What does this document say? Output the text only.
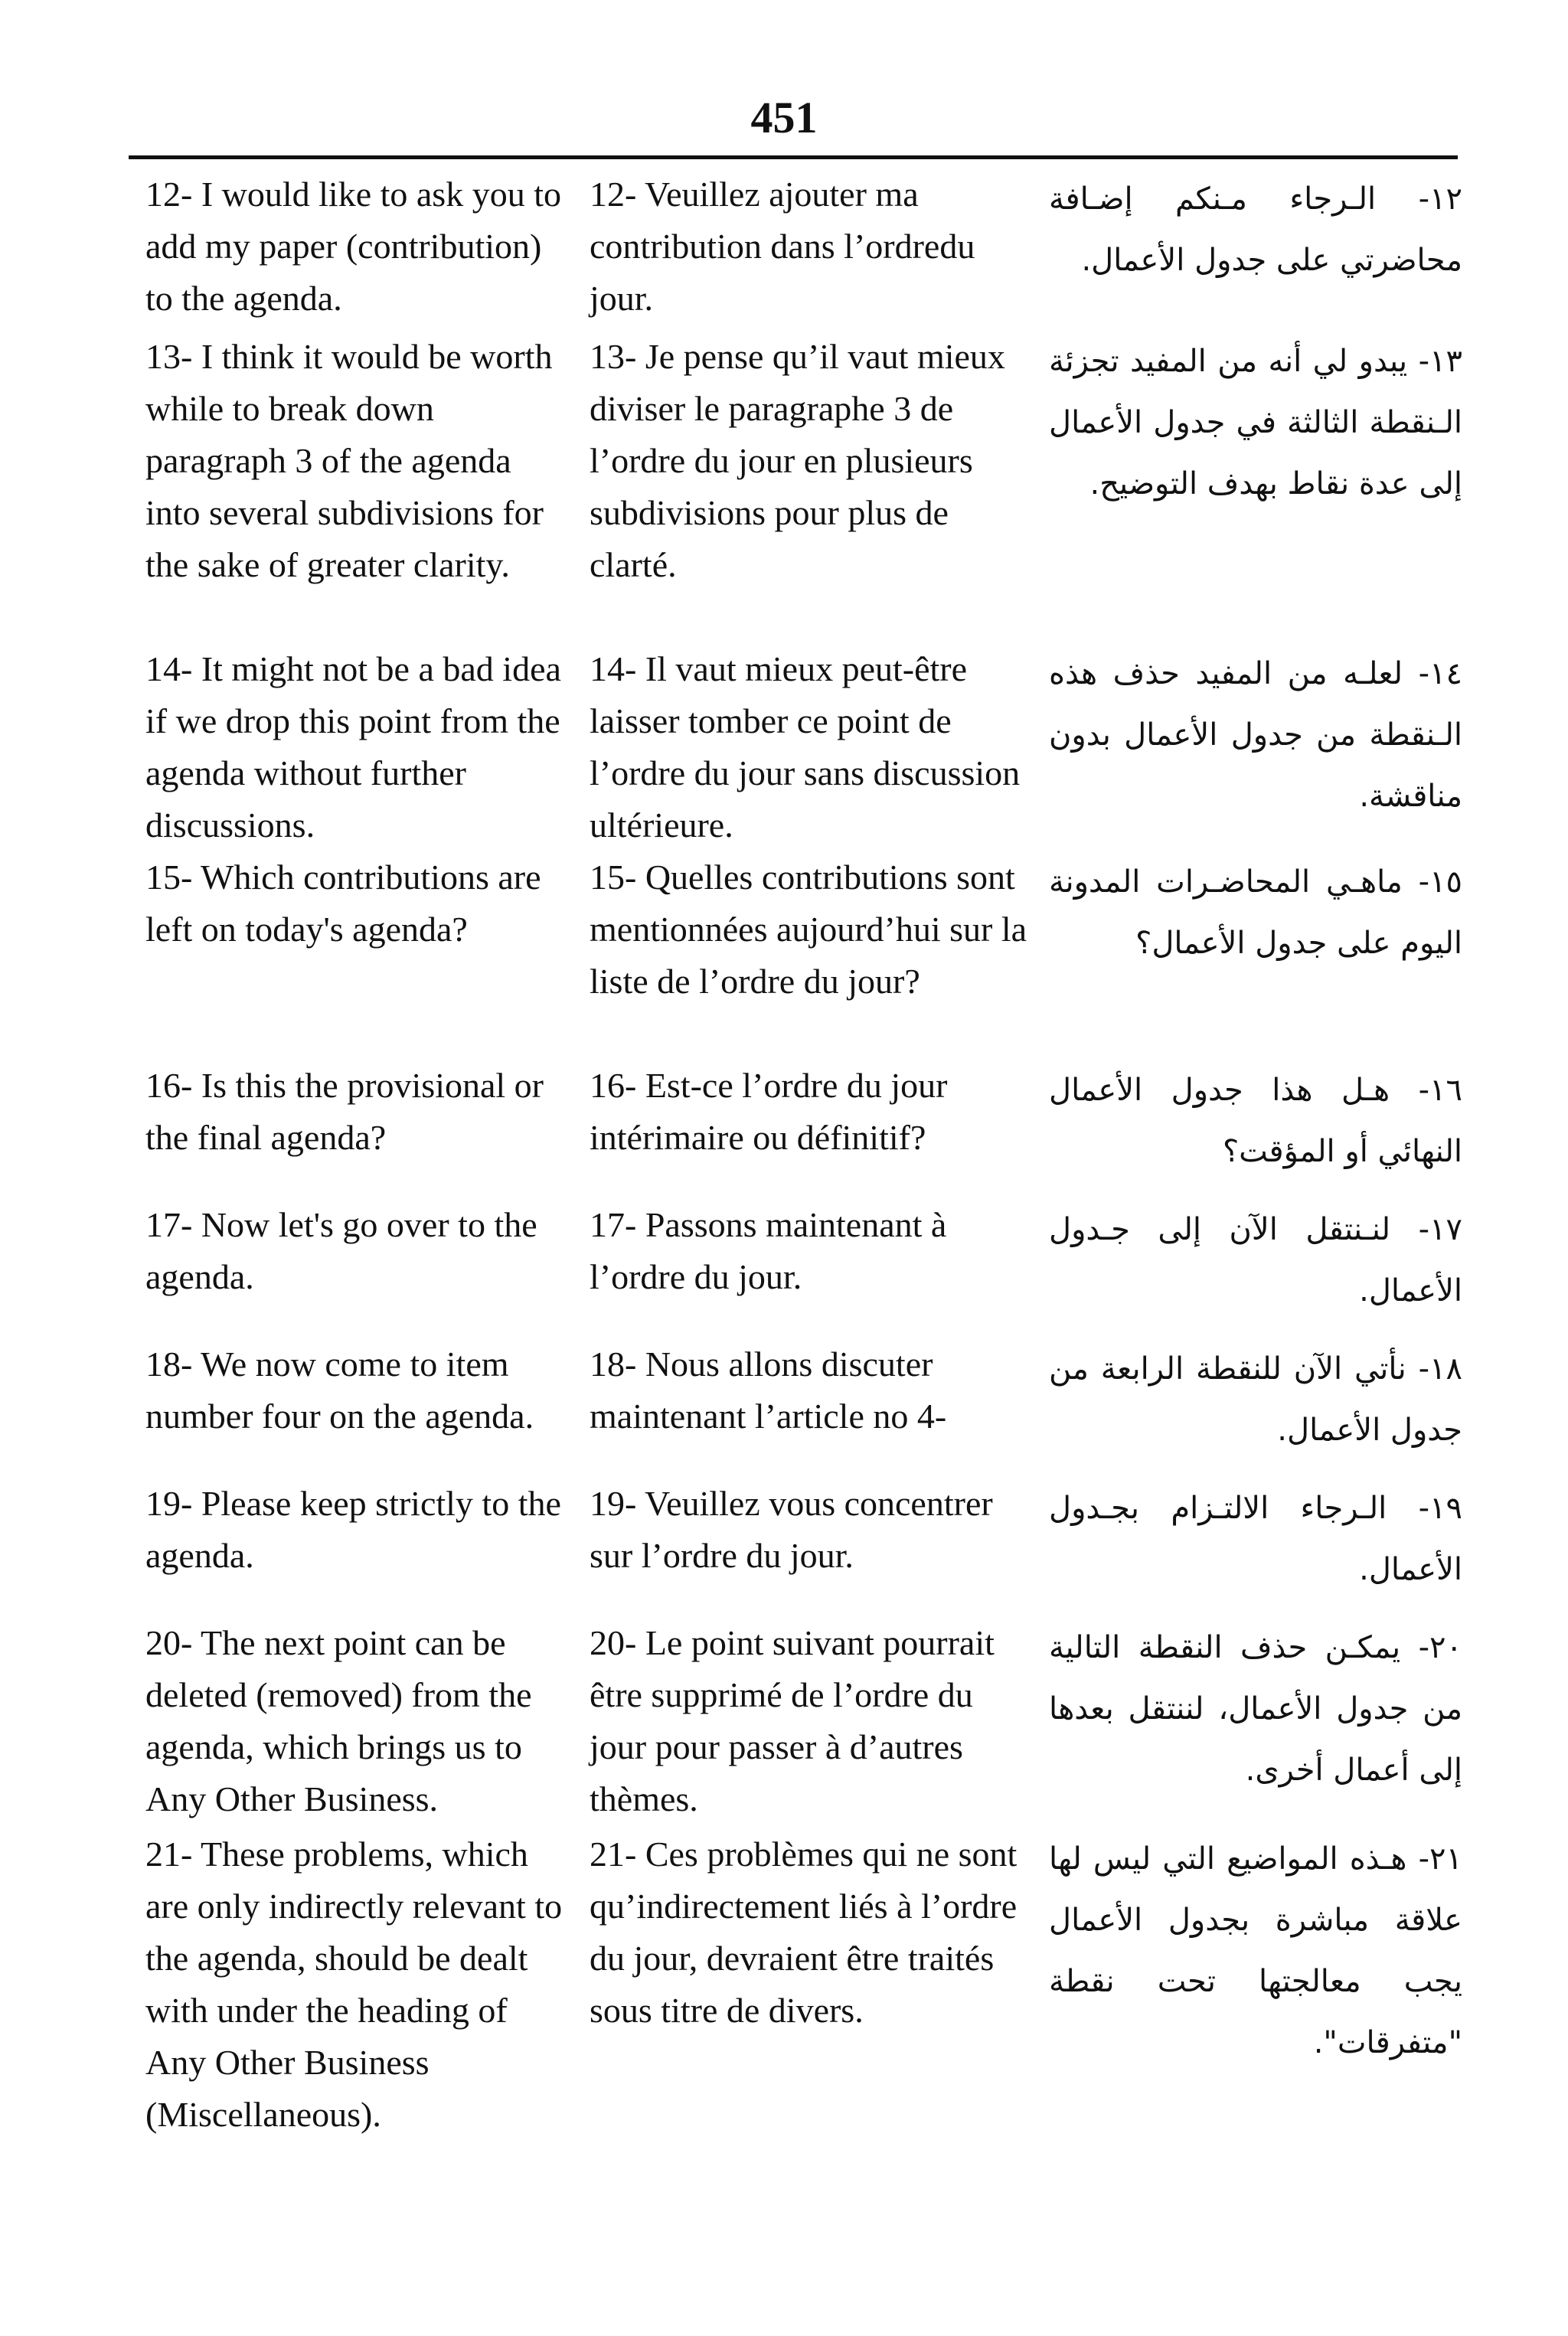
451
12- I would like to ask you to add my paper (contribution) to the agenda.
12- Veuillez ajouter ma contribution dans l’ordredu jour.
١٢- الـرجاء مـنكم إضـافة محاضرتي على جدول الأعمال.
13- I think it would be worth while to break down paragraph 3 of the agenda into several subdivisions for the sake of greater clarity.
13- Je pense qu’il vaut mieux diviser le paragraphe 3 de l’ordre du jour en plusieurs subdivisions pour plus de clarté.
١٣- يبدو لي أنه من المفيد تجزئة الـنقطة الثالثة في جدول الأعمال إلى عدة نقاط بهدف التوضيح.
14- It might not be a bad idea if we drop this point from the agenda without further discussions.
14- Il vaut mieux peut-être laisser tomber ce point de l’ordre du jour sans discussion ultérieure.
١٤- لعلـه من المفيد حذف هذه الـنقطة من جدول الأعمال بدون مناقشة.
15- Which contributions are left on today's agenda?
15- Quelles contributions sont mentionnées aujourd’hui sur la liste de l’ordre du jour?
١٥- ماهـي المحاضـرات المدونة اليوم على جدول الأعمال؟
16- Is this the provisional or the final agenda?
16- Est-ce l’ordre du jour intérimaire ou définitif?
١٦- هـل هذا جدول الأعمال النهائي أو المؤقت؟
17- Now let's go over to the agenda.
17- Passons maintenant à l’ordre du jour.
١٧- لنـنتقل الآن إلى جـدول الأعمال.
18- We now come to item number four on the agenda.
18- Nous allons discuter maintenant l’article no 4-
١٨- نأتي الآن للنقطة الرابعة من جدول الأعمال.
19- Please keep strictly to the agenda.
19- Veuillez vous concentrer sur l’ordre du jour.
١٩- الـرجاء الالتـزام بجـدول الأعمال.
20- The next point can be deleted (removed) from the agenda, which brings us to Any Other Business.
20- Le point suivant pourrait être supprimé de l’ordre du jour pour passer à d’autres thèmes.
٢٠- يمكـن حذف النقطة التالية من جدول الأعمال، لننتقل بعدها إلى أعمال أخرى.
21- These problems, which are only indirectly relevant to the agenda, should be dealt with under the heading of Any Other Business (Miscellaneous).
21- Ces problèmes qui ne sont qu’indirectement liés à l’ordre du jour, devraient être traités sous titre de divers.
٢١- هـذه المواضيع التي ليس لها علاقة مباشرة بجدول الأعمال يجب معالجتها تحت نقطة "متفرقات".
